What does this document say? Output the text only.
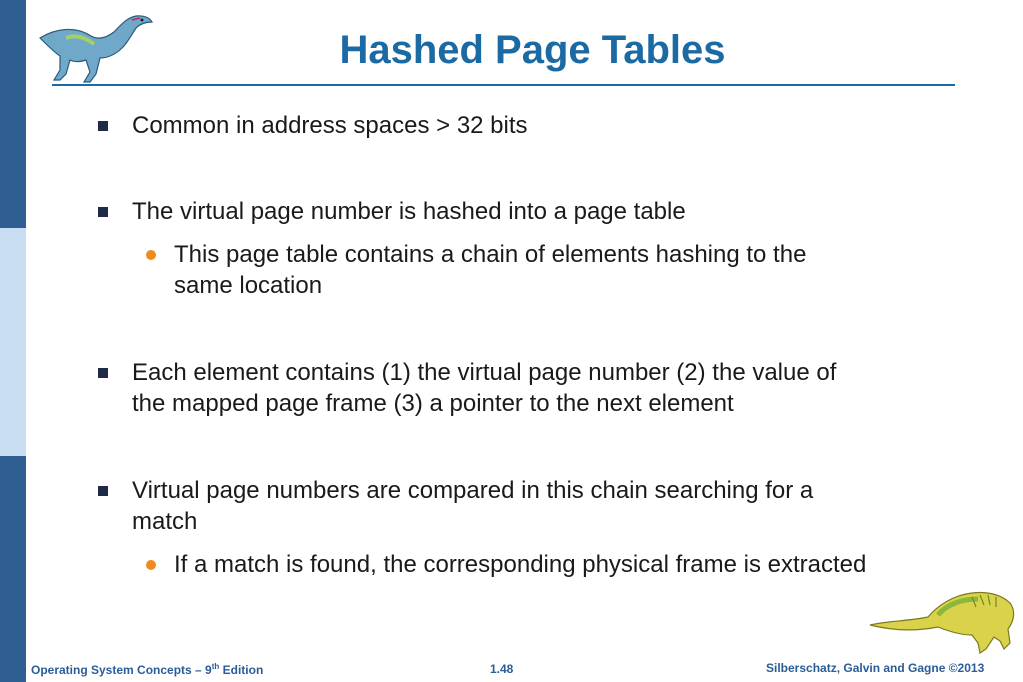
Hashed Page Tables
Common in address spaces > 32 bits
The virtual page number is hashed into a page table
This page table contains a chain of elements hashing to the
same location
Each element contains (1) the virtual page number (2) the value of
the mapped page frame (3) a pointer to the next element
Virtual page numbers are compared in this chain searching for a
match
If a match is found, the corresponding physical frame is extracted
Operating System Concepts – 9th Edition	1.48	Silberschatz, Galvin and Gagne ©2013
